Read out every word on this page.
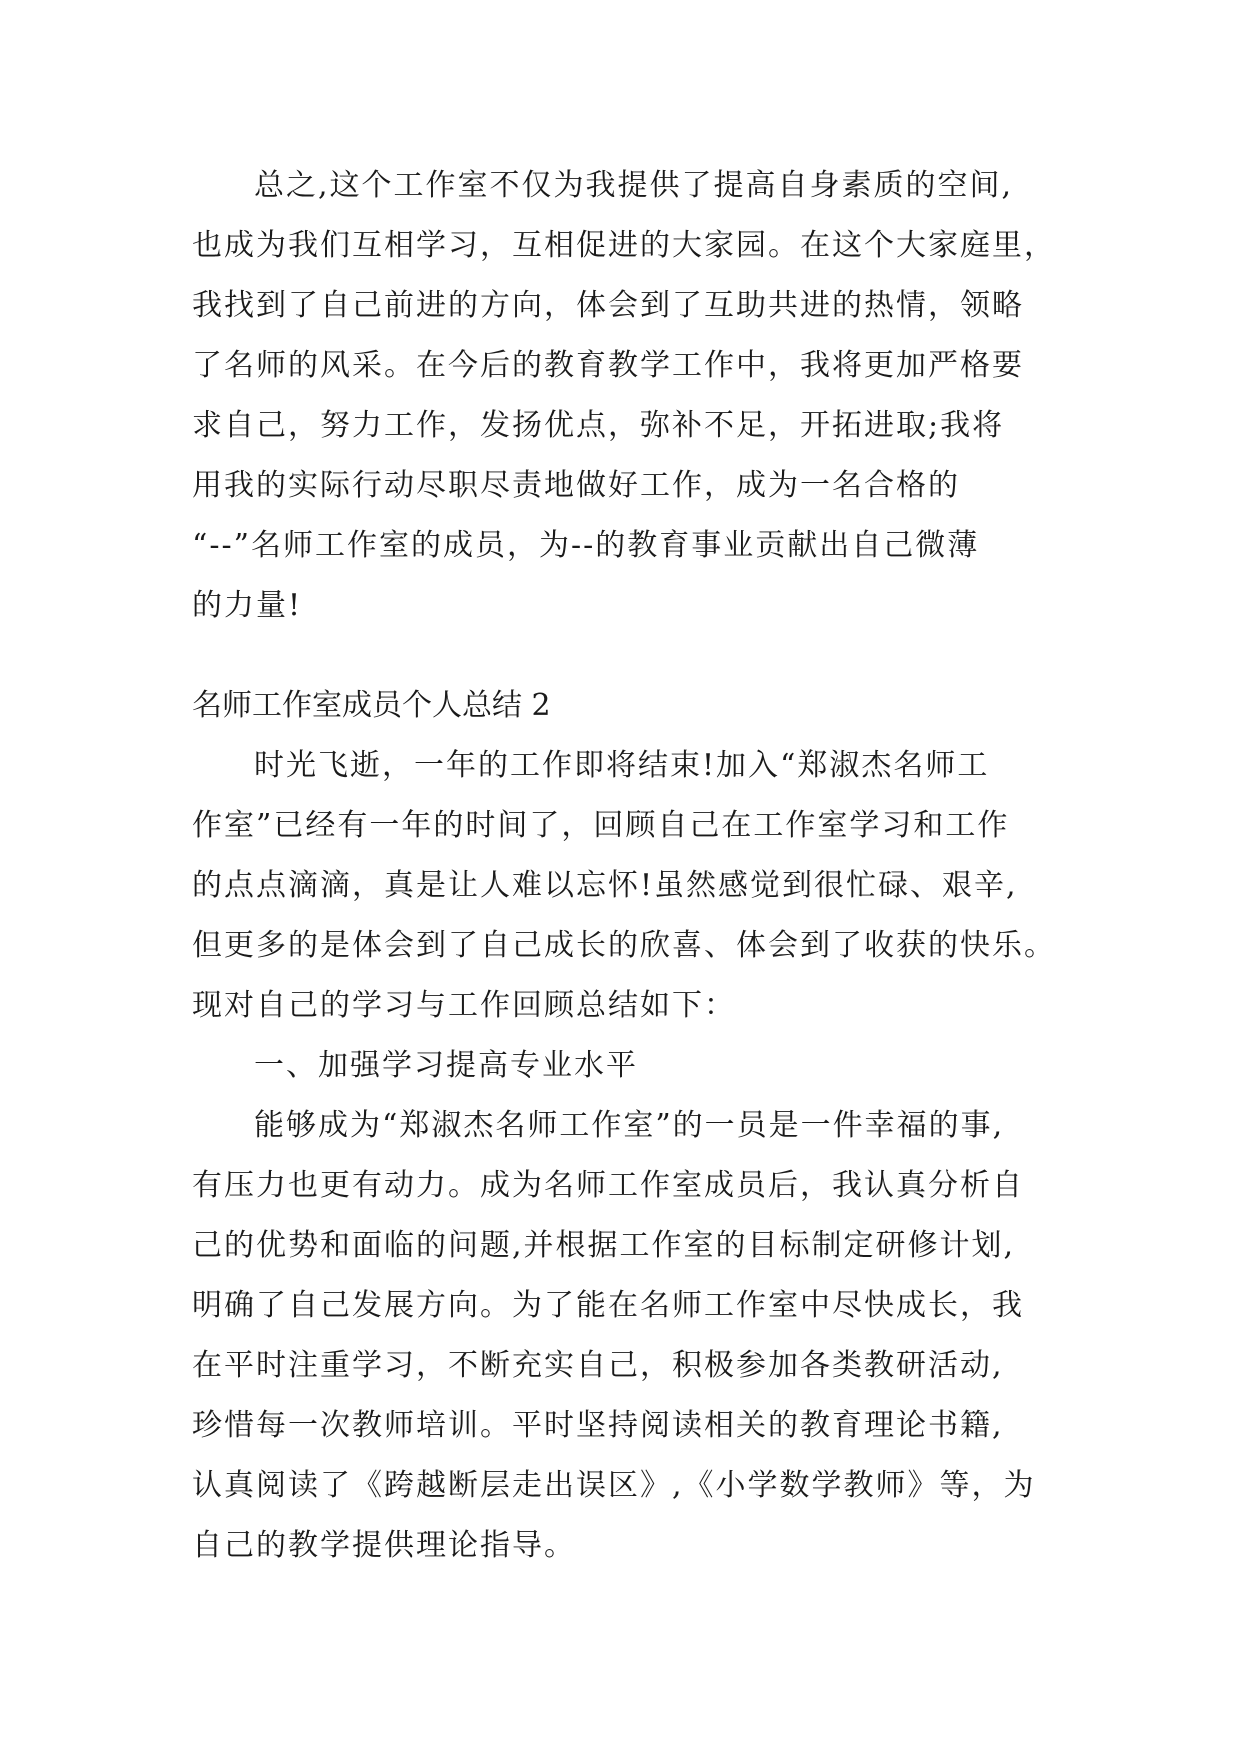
总之,这个工作室不仅为我提供了提高自身素质的空间,
也成为我们互相学习，互相促进的大家园。在这个大家庭里，
我找到了自己前进的方向，体会到了互助共进的热情，领略
了名师的风采。在今后的教育教学工作中，我将更加严格要
求自己，努力工作，发扬优点，弥补不足，开拓进取;我将
用我的实际行动尽职尽责地做好工作，成为一名合格的
“--”名师工作室的成员，为--的教育事业贡献出自己微薄
的力量!
名师工作室成员个人总结 2
时光飞逝，一年的工作即将结束!加入“郑淑杰名师工
作室”已经有一年的时间了，回顾自己在工作室学习和工作
的点点滴滴，真是让人难以忘怀!虽然感觉到很忙碌、艰辛,
但更多的是体会到了自己成长的欣喜、体会到了收获的快乐。
现对自己的学习与工作回顾总结如下：
一、加强学习提高专业水平
能够成为“郑淑杰名师工作室”的一员是一件幸福的事,
有压力也更有动力。成为名师工作室成员后，我认真分析自
己的优势和面临的问题,并根据工作室的目标制定研修计划,
明确了自己发展方向。为了能在名师工作室中尽快成长，我
在平时注重学习，不断充实自己，积极参加各类教研活动,
珍惜每一次教师培训。平时坚持阅读相关的教育理论书籍,
认真阅读了《跨越断层走出误区》,《小学数学教师》等，为
自己的教学提供理论指导。
